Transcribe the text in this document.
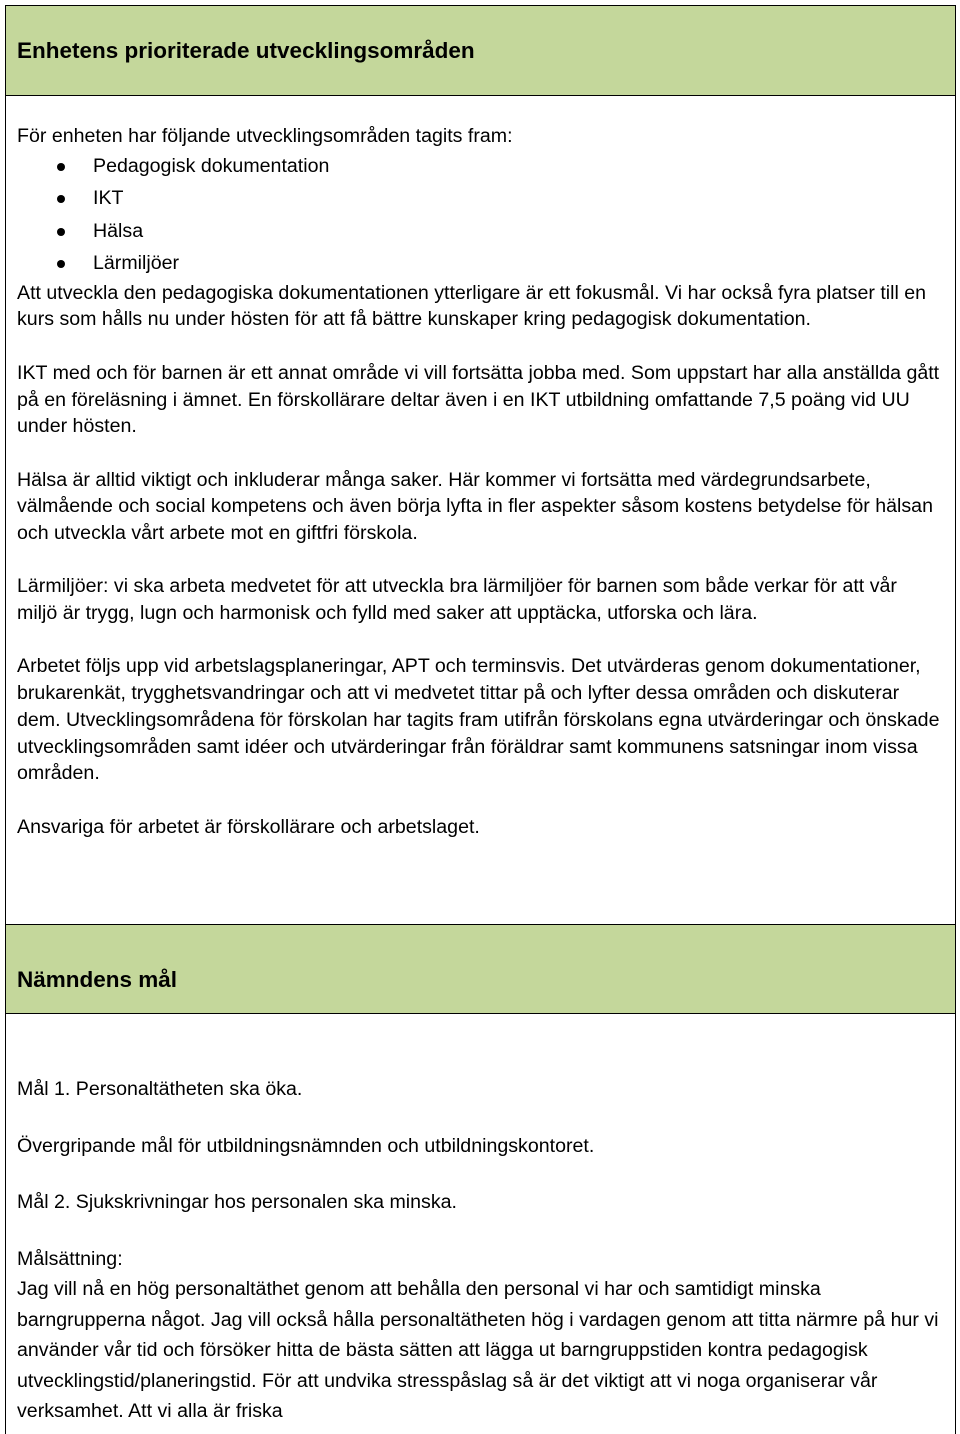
Enhetens prioriterade utvecklingsområden

För enheten har följande utvecklingsområden tagits fram:

Pedagogisk dokumentation
IKT
Hälsa
Lärmiljöer

Att utveckla den pedagogiska dokumentationen ytterligare är ett fokusmål. Vi har också fyra platser till en kurs som hålls nu under hösten för att få bättre kunskaper kring pedagogisk dokumentation.

IKT med och för barnen är ett annat område vi vill fortsätta jobba med. Som uppstart har alla anställda gått på en föreläsning i ämnet. En förskollärare deltar även i en IKT utbildning omfattande 7,5 poäng vid UU under hösten.

Hälsa är alltid viktigt och inkluderar många saker. Här kommer vi fortsätta med värdegrundsarbete, välmående och social kompetens och även börja lyfta in fler aspekter såsom kostens betydelse för hälsan och utveckla vårt arbete mot en giftfri förskola.

Lärmiljöer: vi ska arbeta medvetet för att utveckla bra lärmiljöer för barnen som både verkar för att vår miljö är trygg, lugn och harmonisk och fylld med saker att upptäcka, utforska och lära.

Arbetet följs upp vid arbetslagsplaneringar, APT och terminsvis. Det utvärderas genom dokumentationer, brukarenkät, trygghetsvandringar och att vi medvetet tittar på och lyfter dessa områden och diskuterar dem. Utvecklingsområdena för förskolan har tagits fram utifrån förskolans egna utvärderingar och önskade utvecklingsområden samt idéer och utvärderingar från föräldrar samt kommunens satsningar inom vissa områden.

Ansvariga för arbetet är förskollärare och arbetslaget.

Nämndens mål

Mål 1. Personaltätheten ska öka.

Övergripande mål för utbildningsnämnden och utbildningskontoret.

Mål 2. Sjukskrivningar hos personalen ska minska.

Målsättning:

Jag vill nå en hög personaltäthet genom att behålla den personal vi har och samtidigt minska barngrupperna något. Jag vill också hålla personaltätheten hög i vardagen genom att titta närmre på hur vi använder vår tid och försöker hitta de bästa sätten att lägga ut barngruppstiden kontra pedagogisk utvecklingstid/planeringstid. För att undvika stresspåslag så är det viktigt att vi noga organiserar vår verksamhet. Att vi alla är friska
